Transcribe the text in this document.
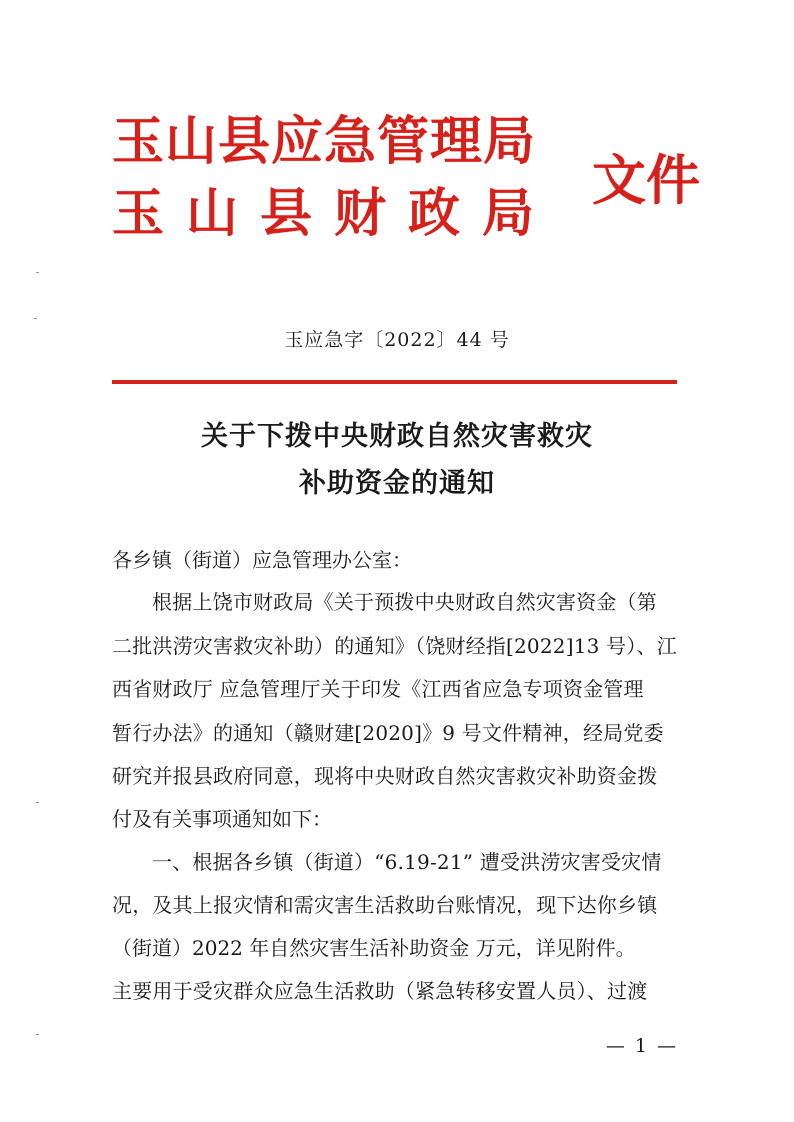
玉山县应急管理局
玉山县财政局
文件
玉应急字〔2022〕44 号
关于下拨中央财政自然灾害救灾
补助资金的通知
各乡镇（街道）应急管理办公室：
根据上饶市财政局《关于预拨中央财政自然灾害资金（第
二批洪涝灾害救灾补助）的通知》（饶财经指[2022]13 号）、江
西省财政厅 应急管理厅关于印发《江西省应急专项资金管理
暂行办法》的通知（赣财建[2020]》9 号文件精神，经局党委
研究并报县政府同意，现将中央财政自然灾害救灾补助资金拨
付及有关事项通知如下：
一、根据各乡镇（街道）“6.19-21” 遭受洪涝灾害受灾情
况，及其上报灾情和需灾害生活救助台账情况，现下达你乡镇
（街道）2022 年自然灾害生活补助资金 万元，详见附件。
主要用于受灾群众应急生活救助（紧急转移安置人员）、过渡
— 1 —
